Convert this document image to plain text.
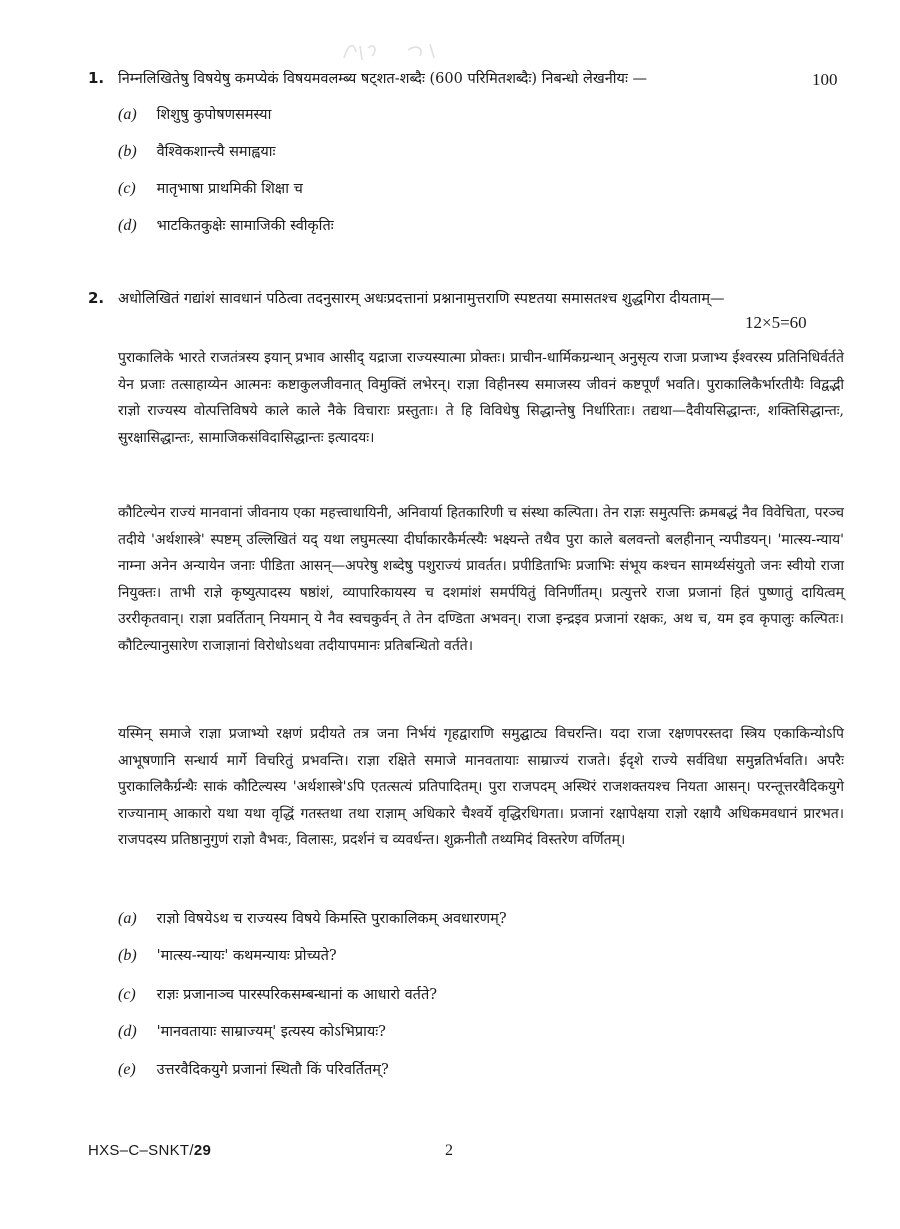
1. निम्नलिखितेषु विषयेषु कमप्येकं विषयमवलम्ब्य षट्शत-शब्दैः (600 परिमितशब्दैः) निबन्धो लेखनीयः —	100
(a) शिशुषु कुपोषणसमस्या
(b) वैश्विकशान्त्यै समाह्वयाः
(c) मातृभाषा प्राथमिकी शिक्षा च
(d) भाटकितकुक्षेः सामाजिकी स्वीकृतिः
2. अधोलिखितं गद्यांशं सावधानं पठित्वा तदनुसारम् अधःप्रदत्तानां प्रश्नानामुत्तराणि स्पष्टतया समासतश्च शुद्धगिरा दीयताम्—
12×5=60
पुराकालिके भारते राजतंत्रस्य इयान् प्रभाव आसीद् यद्राजा राज्यस्यात्मा प्रोक्तः। प्राचीन-धार्मिकग्रन्थान् अनुसृत्य राजा प्रजाभ्य ईश्वरस्य प्रतिनिधिर्वर्तते येन प्रजाः तत्साहाय्येन आत्मनः कष्टाकुलजीवनात् विमुक्तिं लभेरन्। राज्ञा विहीनस्य समाजस्य जीवनं कष्टपूर्णं भवति। पुराकालिकैर्भारतीयैः विद्वद्भी राज्ञो राज्यस्य वोत्पत्तिविषये काले काले नैके विचाराः प्रस्तुताः। ते हि विविधेषु सिद्धान्तेषु निर्धारिताः। तद्यथा—दैवीयसिद्धान्तः, शक्तिसिद्धान्तः, सुरक्षासिद्धान्तः, सामाजिकसंविदासिद्धान्तः इत्यादयः।
कौटिल्येन राज्यं मानवानां जीवनाय एका महत्त्वाधायिनी, अनिवार्या हितकारिणी च संस्था कल्पिता। तेन राज्ञः समुत्पत्तिः क्रमबद्धं नैव विवेचिता, परञ्च तदीये 'अर्थशास्त्रे' स्पष्टम् उल्लिखितं यद् यथा लघुमत्स्या दीर्घाकारकैर्मत्स्यैः भक्ष्यन्ते तथैव पुरा काले बलवन्तो बलहीनान् न्यपीडयन्। 'मात्स्य-न्याय' नाम्ना अनेन अन्यायेन जनाः पीडिता आसन्—अपरेषु शब्देषु पशुराज्यं प्रावर्तत। प्रपीडिताभिः प्रजाभिः संभूय कश्चन सामर्थ्यसंयुतो जनः स्वीयो राजा नियुक्तः। ताभी राज्ञे कृष्युत्पादस्य षष्ठांशं, व्यापारिकायस्य च दशमांशं समर्पयितुं विनिर्णीतम्। प्रत्युत्तरे राजा प्रजानां हितं पुष्णातुं दायित्वम् उररीकृतवान्। राज्ञा प्रवर्तितान् नियमान् ये नैव स्वचकुर्वन् ते तेन दण्डिता अभवन्। राजा इन्द्रइव प्रजानां रक्षकः, अथ च, यम इव कृपालुः कल्पितः। कौटिल्यानुसारेण राजाज्ञानां विरोधोऽथवा तदीयापमानः प्रतिबन्धितो वर्तते।
यस्मिन् समाजे राज्ञा प्रजाभ्यो रक्षणं प्रदीयते तत्र जना निर्भयं गृहद्वाराणि समुद्घाट्य विचरन्ति। यदा राजा रक्षणपरस्तदा स्त्रिय एकाकिन्योऽपि आभूषणानि सन्धार्य मार्गे विचरितुं प्रभवन्ति। राज्ञा रक्षिते समाजे मानवतायाः साम्राज्यं राजते। ईदृशे राज्ये सर्वविधा समुन्नतिर्भवति। अपरैः पुराकालिकैर्ग्रन्थैः साकं कौटिल्यस्य 'अर्थशास्त्रे'ऽपि एतत्सत्यं प्रतिपादितम्। पुरा राजपदम् अस्थिरं राजशक्तयश्च नियता आसन्। परन्तूत्तरवैदिकयुगे राज्यानाम् आकारो यथा यथा वृद्धिं गतस्तथा तथा राज्ञाम् अधिकारे चैश्वर्ये वृद्धिरधिगता। प्रजानां रक्षापेक्षया राज्ञो रक्षायै अधिकमवधानं प्रारभत। राजपदस्य प्रतिष्ठानुगुणं राज्ञो वैभवः, विलासः, प्रदर्शनं च व्यवर्धन्त। शुक्रनीतौ तथ्यमिदं विस्तरेण वर्णितम्।
(a) राज्ञो विषयेऽथ च राज्यस्य विषये किमस्ति पुराकालिकम् अवधारणम्?
(b) 'मात्स्य-न्यायः' कथमन्यायः प्रोच्यते?
(c) राज्ञः प्रजानाञ्च पारस्परिकसम्बन्धानां क आधारो वर्तते?
(d) 'मानवतायाः साम्राज्यम्' इत्यस्य कोऽभिप्रायः?
(e) उत्तरवैदिकयुगे प्रजानां स्थितौ किं परिवर्तितम्?
HXS–C–SNKT/29	2
